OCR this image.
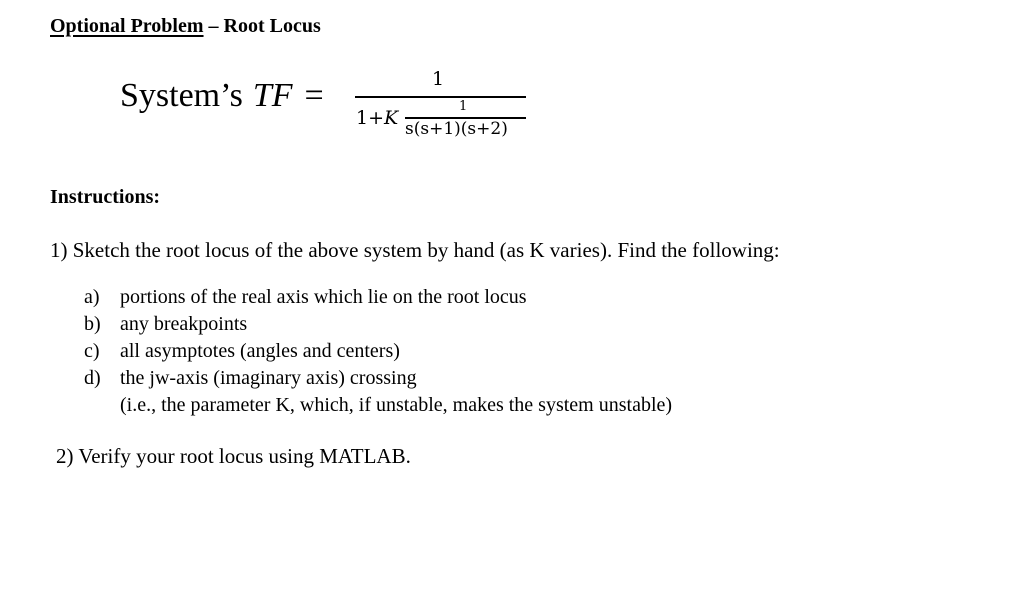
Optional Problem – Root Locus
System’s TF =	1
1+K
1
s(s+1)(s+2)
Instructions:
1) Sketch the root locus of the above system by hand (as K varies). Find the following:
a) portions of the real axis which lie on the root locus
b) any breakpoints
c) all asymptotes (angles and centers)
d) the jw-axis (imaginary axis) crossing
(i.e., the parameter K, which, if unstable, makes the system unstable)
2) Verify your root locus using MATLAB.
